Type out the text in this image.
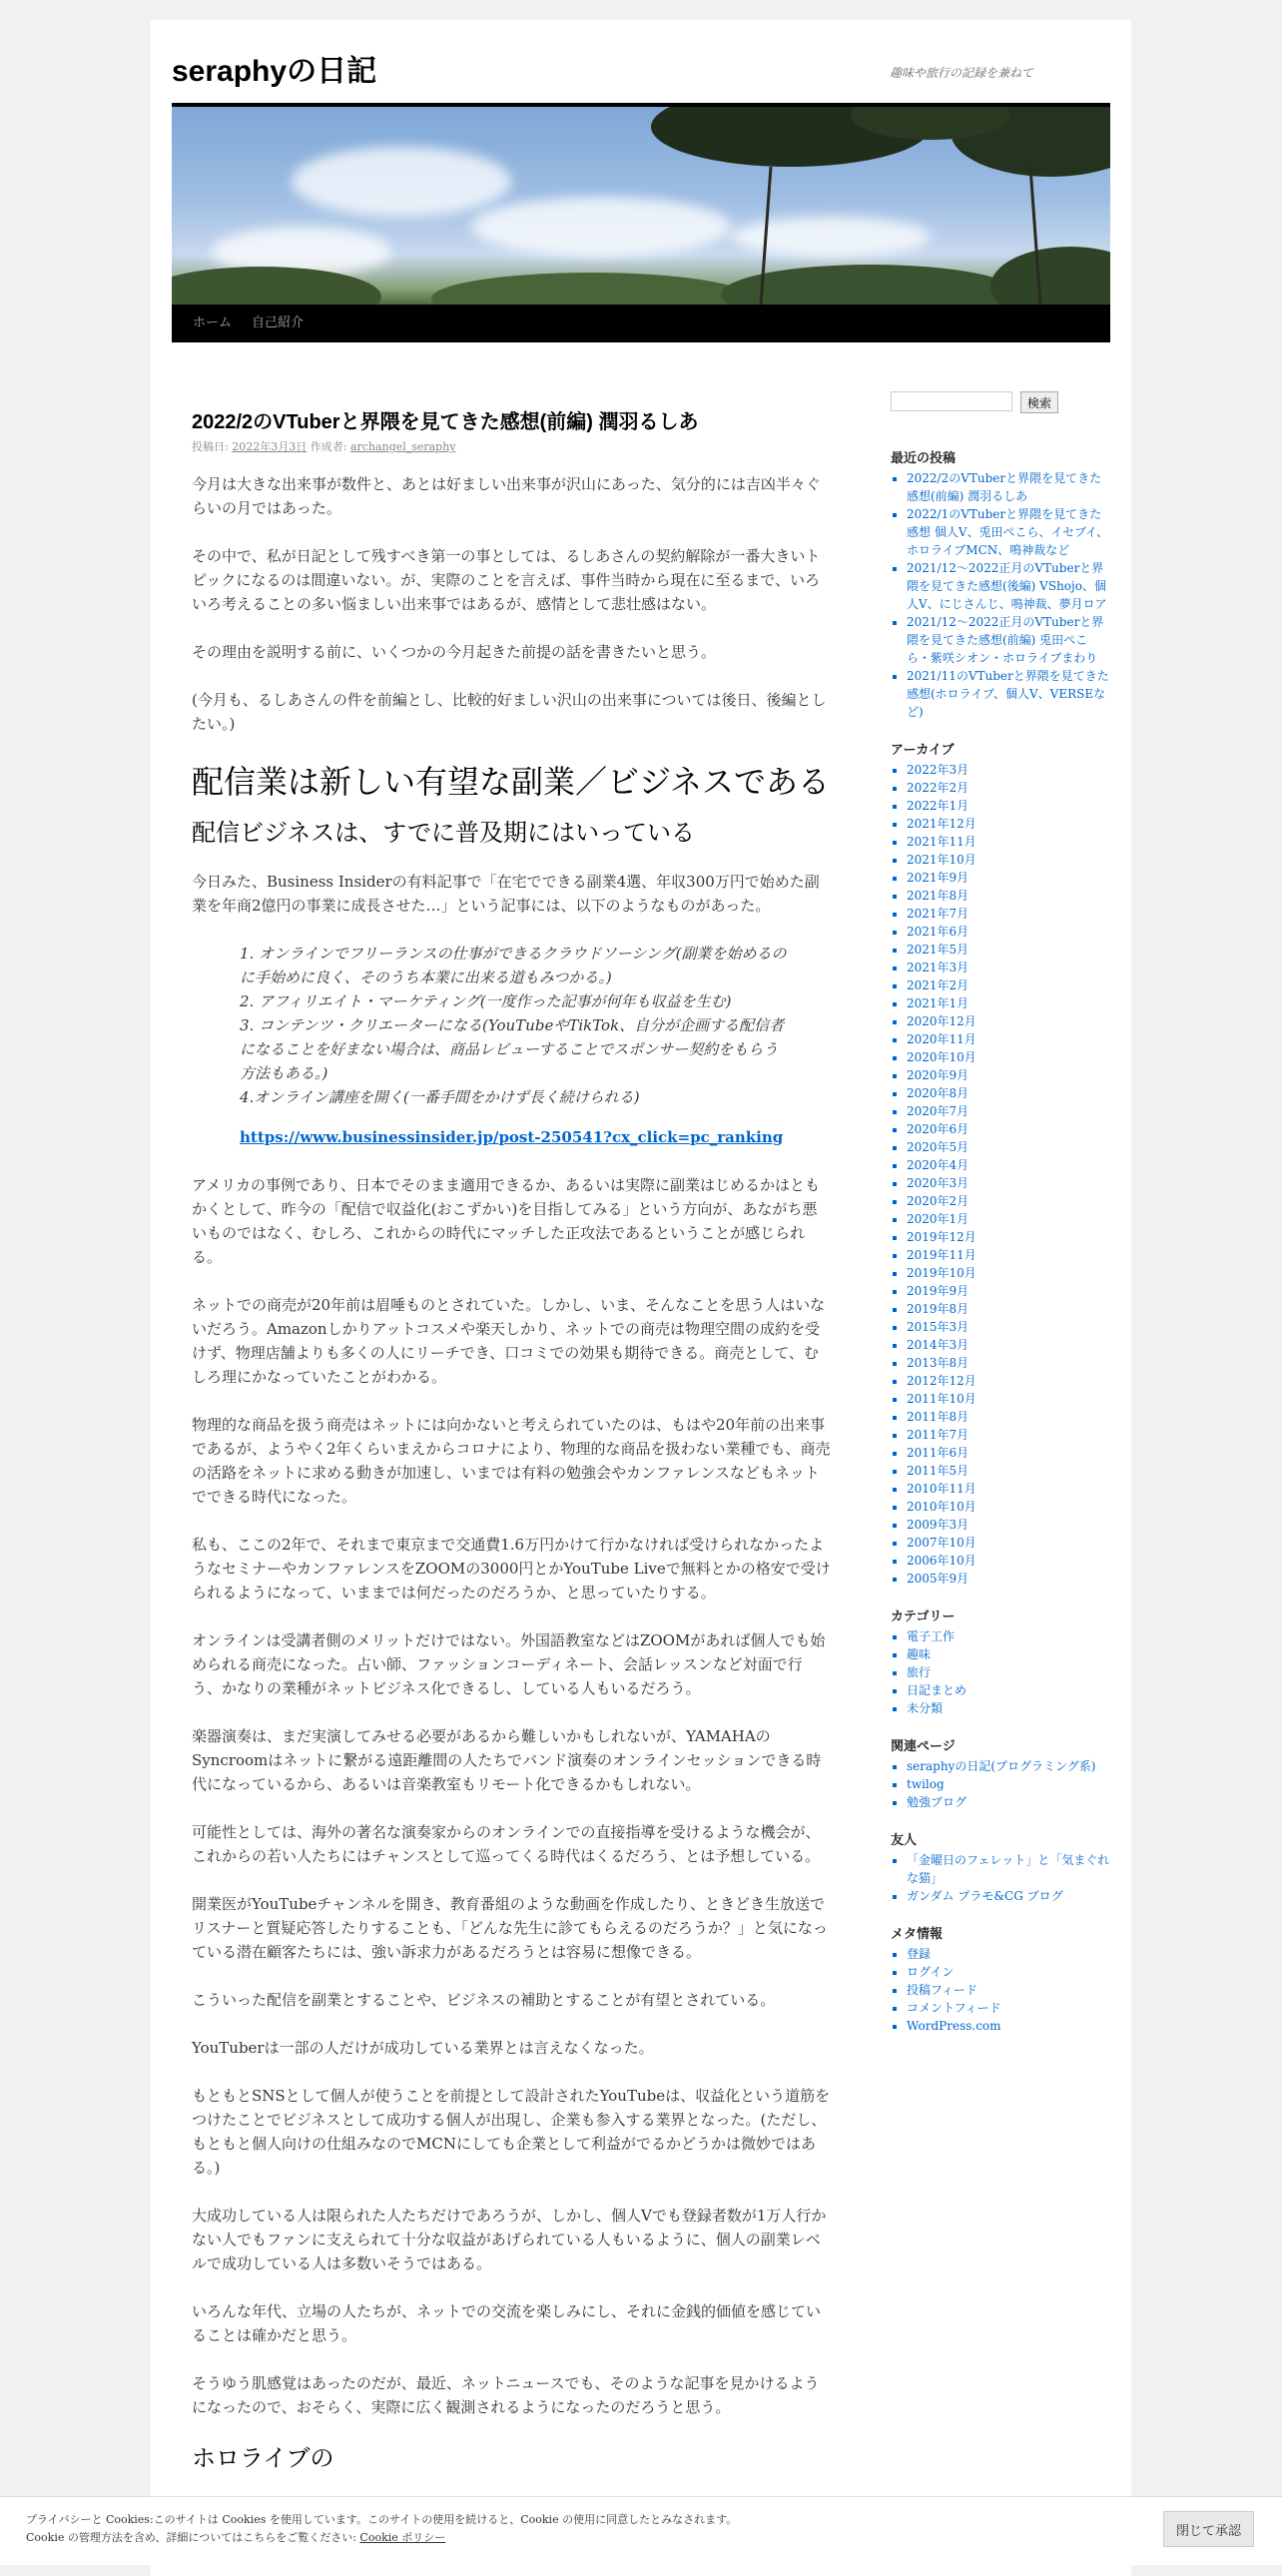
seraphyの日記	趣味や旅行の記録を兼ねて
ホーム	自己紹介
2022/2のVTuberと界隈を見てきた感想(前編) 潤羽るしあ
投稿日: 2022年3月3日 作成者: archangel_seraphy

今月は大きな出来事が数件と、あとは好ましい出来事が沢山にあった、気分的には吉凶半々ぐらいの月ではあった。

その中で、私が日記として残すべき第一の事としては、るしあさんの契約解除が一番大きいトピックになるのは間違いない。が、実際のことを言えば、事件当時から現在に至るまで、いろいろ考えることの多い悩ましい出来事ではあるが、感情として悲壮感はない。

その理由を説明する前に、いくつかの今月起きた前提の話を書きたいと思う。

(今月も、るしあさんの件を前編とし、比較的好ましい沢山の出来事については後日、後編としたい。)

配信業は新しい有望な副業／ビジネスである
配信ビジネスは、すでに普及期にはいっている

今日みた、Business Insiderの有料記事で「在宅でできる副業4選、年収300万円で始めた副業を年商2億円の事業に成長させた…」という記事には、以下のようなものがあった。

1. オンラインでフリーランスの仕事ができるクラウドソーシング(副業を始めるのに手始めに良く、そのうち本業に出来る道もみつかる。)
2. アフィリエイト・マーケティング(一度作った記事が何年も収益を生む)
3. コンテンツ・クリエーターになる(YouTubeやTikTok、自分が企画する配信者になることを好まない場合は、商品レビューすることでスポンサー契約をもらう方法もある。)
4.オンライン講座を開く(一番手間をかけず長く続けられる)
https://www.businessinsider.jp/post-250541?cx_click=pc_ranking

アメリカの事例であり、日本でそのまま適用できるか、あるいは実際に副業はじめるかはともかくとして、昨今の「配信で収益化(おこずかい)を目指してみる」という方向が、あながち悪いものではなく、むしろ、これからの時代にマッチした正攻法であるということが感じられる。

ネットでの商売が20年前は眉唾ものとされていた。しかし、いま、そんなことを思う人はいないだろう。Amazonしかりアットコスメや楽天しかり、ネットでの商売は物理空間の成約を受けず、物理店舗よりも多くの人にリーチでき、口コミでの効果も期待できる。商売として、むしろ理にかなっていたことがわかる。

物理的な商品を扱う商売はネットには向かないと考えられていたのは、もはや20年前の出来事であるが、ようやく2年くらいまえからコロナにより、物理的な商品を扱わない業種でも、商売の活路をネットに求める動きが加速し、いまでは有料の勉強会やカンファレンスなどもネットでできる時代になった。

私も、ここの2年で、それまで東京まで交通費1.6万円かけて行かなければ受けられなかったようなセミナーやカンファレンスをZOOMの3000円とかYouTube Liveで無料とかの格安で受けられるようになって、いままでは何だったのだろうか、と思っていたりする。

オンラインは受講者側のメリットだけではない。外国語教室などはZOOMがあれば個人でも始められる商売になった。占い師、ファッションコーディネート、会話レッスンなど対面で行う、かなりの業種がネットビジネス化できるし、している人もいるだろう。

楽器演奏は、まだ実演してみせる必要があるから難しいかもしれないが、YAMAHAのSyncroomはネットに繋がる遠距離間の人たちでバンド演奏のオンラインセッションできる時代になっているから、あるいは音楽教室もリモート化できるかもしれない。

可能性としては、海外の著名な演奏家からのオンラインでの直接指導を受けるような機会が、これからの若い人たちにはチャンスとして巡ってくる時代はくるだろう、とは予想している。

開業医がYouTubeチャンネルを開き、教育番組のような動画を作成したり、ときどき生放送でリスナーと質疑応答したりすることも、「どんな先生に診てもらえるのだろうか？」と気になっている潜在顧客たちには、強い訴求力があるだろうとは容易に想像できる。

こういった配信を副業とすることや、ビジネスの補助とすることが有望とされている。

YouTuberは一部の人だけが成功している業界とは言えなくなった。

もともとSNSとして個人が使うことを前提として設計されたYouTubeは、収益化という道筋をつけたことでビジネスとして成功する個人が出現し、企業も参入する業界となった。(ただし、もともと個人向けの仕組みなのでMCNにしても企業として利益がでるかどうかは微妙ではある。)

大成功している人は限られた人たちだけであろうが、しかし、個人Vでも登録者数が1万人行かない人でもファンに支えられて十分な収益があげられている人もいるように、個人の副業レベルで成功している人は多数いそうではある。

いろんな年代、立場の人たちが、ネットでの交流を楽しみにし、それに金銭的価値を感じていることは確かだと思う。

そうゆう肌感覚はあったのだが、最近、ネットニュースでも、そのような記事を見かけるようになったので、おそらく、実際に広く観測されるようになったのだろうと思う。

ホロライブの
検索
最近の投稿
▪ 2022/2のVTuberと界隈を見てきた感想(前編) 潤羽るしあ
▪ 2022/1のVTuberと界隈を見てきた感想 個人V、兎田ぺこら、イセブイ、ホロライブMCN、鳴神裁など
▪ 2021/12～2022正月のVTuberと界隈を見てきた感想(後編) VShojo、個人V、にじさんじ、鳴神裁、夢月ロア
▪ 2021/12～2022正月のVTuberと界隈を見てきた感想(前編) 兎田ぺこら・紫咲シオン・ホロライブまわり
▪ 2021/11のVTuberと界隈を見てきた感想(ホロライブ、個人V、VERSEなど)
アーカイブ
▪ 2022年3月
▪ 2022年2月
▪ 2022年1月
▪ 2021年12月
▪ 2021年11月
▪ 2021年10月
▪ 2021年9月
▪ 2021年8月
▪ 2021年7月
▪ 2021年6月
▪ 2021年5月
▪ 2021年3月
▪ 2021年2月
▪ 2021年1月
▪ 2020年12月
▪ 2020年11月
▪ 2020年10月
▪ 2020年9月
▪ 2020年8月
▪ 2020年7月
▪ 2020年6月
▪ 2020年5月
▪ 2020年4月
▪ 2020年3月
▪ 2020年2月
▪ 2020年1月
▪ 2019年12月
▪ 2019年11月
▪ 2019年10月
▪ 2019年9月
▪ 2019年8月
▪ 2015年3月
▪ 2014年3月
▪ 2013年8月
▪ 2012年12月
▪ 2011年10月
▪ 2011年8月
▪ 2011年7月
▪ 2011年6月
▪ 2011年5月
▪ 2010年11月
▪ 2010年10月
▪ 2009年3月
▪ 2007年10月
▪ 2006年10月
▪ 2005年9月
カテゴリー
▪ 電子工作
▪ 趣味
▪ 旅行
▪ 日記まとめ
▪ 未分類
関連ページ
▪ seraphyの日記(プログラミング系)
▪ twilog
▪ 勉強ブログ
友人
▪ 「金曜日のフェレット」と「気まぐれな猫」
▪ ガンダム プラモ&CG ブログ
メタ情報
▪ 登録
▪ ログイン
▪ 投稿フィード
▪ コメントフィード
▪ WordPress.com
プライバシーと Cookies:このサイトは Cookies を使用しています。このサイトの使用を続けると、Cookie の使用に同意したとみなされます。
Cookie の管理方法を含め、詳細についてはこちらをご覧ください: Cookie ポリシー	閉じて承認
